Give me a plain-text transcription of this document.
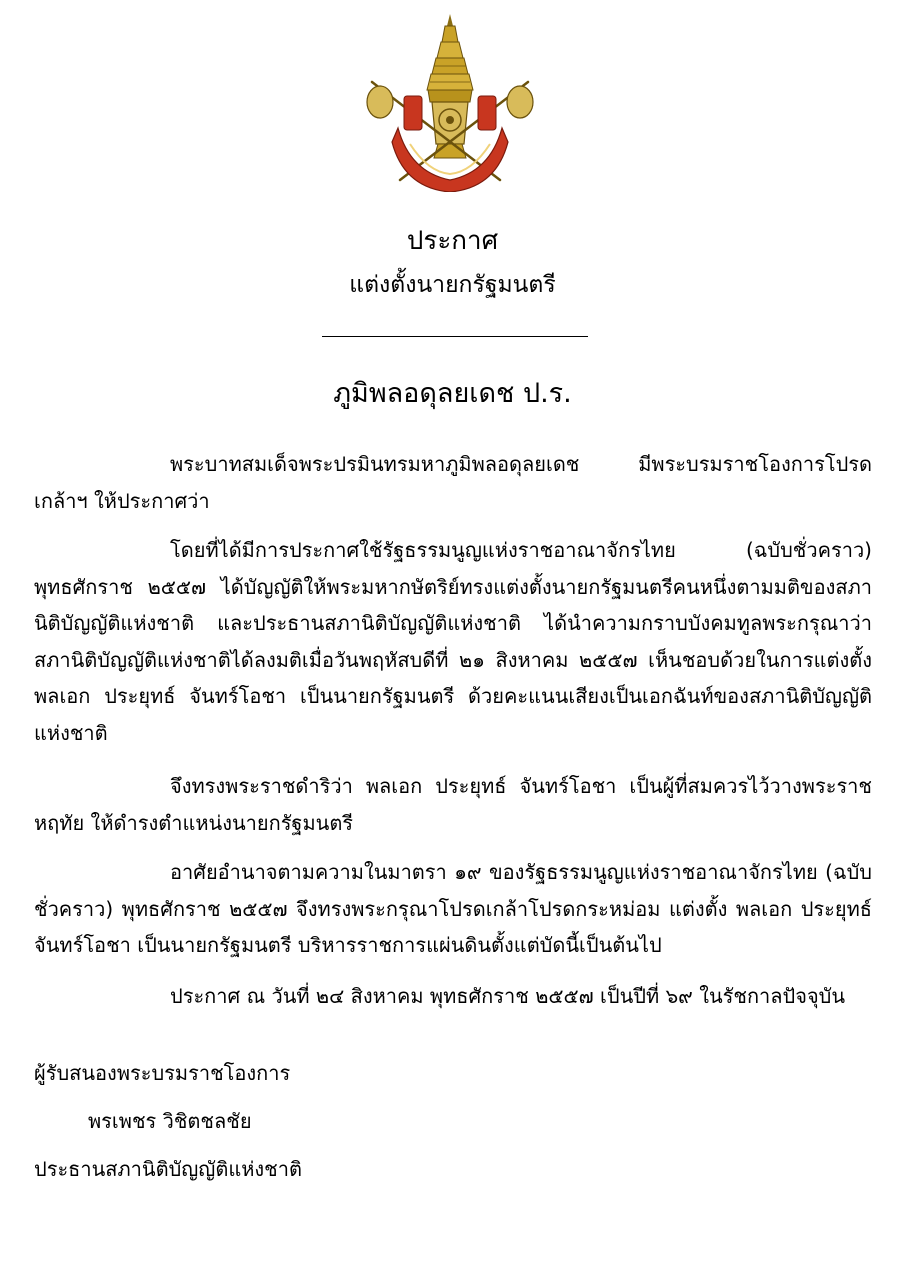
ประกาศ
แต่งตั้งนายกรัฐมนตรี
ภูมิพลอดุลยเดช ป.ร.

พระบาทสมเด็จพระปรมินทรมหาภูมิพลอดุลยเดช มีพระบรมราชโองการโปรดเกล้าฯ ให้ประกาศว่า

โดยที่ได้มีการประกาศใช้รัฐธรรมนูญแห่งราชอาณาจักรไทย (ฉบับชั่วคราว) พุทธศักราช ๒๕๕๗ ได้บัญญัติให้พระมหากษัตริย์ทรงแต่งตั้งนายกรัฐมนตรีคนหนึ่งตามมติของสภานิติบัญญัติแห่งชาติ และประธานสภานิติบัญญัติแห่งชาติ ได้นำความกราบบังคมทูลพระกรุณาว่า สภานิติบัญญัติแห่งชาติได้ลงมติเมื่อวันพฤหัสบดีที่ ๒๑ สิงหาคม ๒๕๕๗ เห็นชอบด้วยในการแต่งตั้ง พลเอก ประยุทธ์ จันทร์โอชา เป็นนายกรัฐมนตรี ด้วยคะแนนเสียงเป็นเอกฉันท์ของสภานิติบัญญัติแห่งชาติ

จึงทรงพระราชดำริว่า พลเอก ประยุทธ์ จันทร์โอชา เป็นผู้ที่สมควรไว้วางพระราชหฤทัย ให้ดำรงตำแหน่งนายกรัฐมนตรี

อาศัยอำนาจตามความในมาตรา ๑๙ ของรัฐธรรมนูญแห่งราชอาณาจักรไทย (ฉบับชั่วคราว) พุทธศักราช ๒๕๕๗ จึงทรงพระกรุณาโปรดเกล้าโปรดกระหม่อม แต่งตั้ง พลเอก ประยุทธ์ จันทร์โอชา เป็นนายกรัฐมนตรี บริหารราชการแผ่นดินตั้งแต่บัดนี้เป็นต้นไป

ประกาศ ณ วันที่ ๒๔ สิงหาคม พุทธศักราช ๒๕๕๗ เป็นปีที่ ๖๙ ในรัชกาลปัจจุบัน

ผู้รับสนองพระบรมราชโองการ
พรเพชร วิชิตชลชัย
ประธานสภานิติบัญญัติแห่งชาติ
